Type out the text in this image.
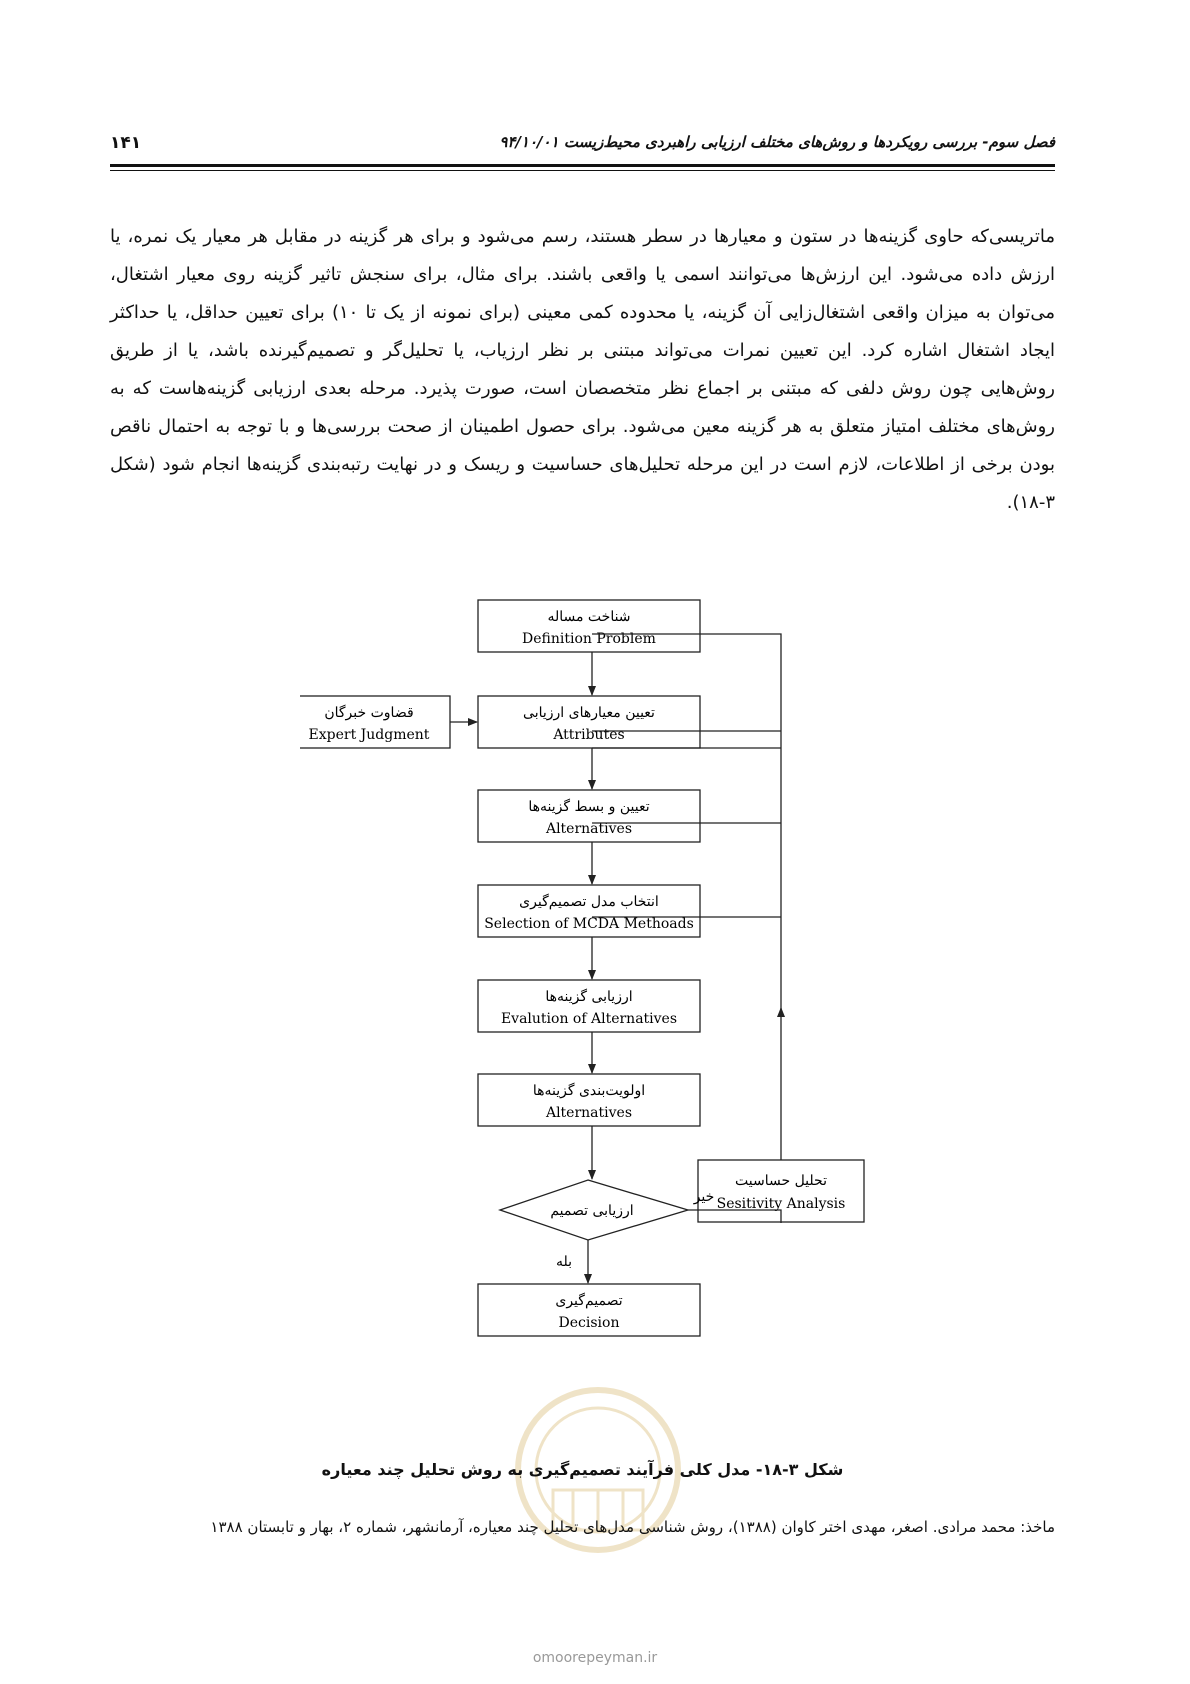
۱۴۱	فصل سوم- بررسی رویکردها و روش‌های مختلف ارزیابی راهبردی محیط‌زیست ۹۴/۱۰/۰۱

ماتریسی‌که حاوی گزینه‌ها در ستون و معیارها در سطر هستند، رسم می‌شود و برای هر گزینه در مقابل هر معیار یک نمره، یا ارزش داده می‌شود. این ارزش‌ها می‌توانند اسمی یا واقعی باشند. برای مثال، برای سنجش تاثیر گزینه روی معیار اشتغال، می‌توان به میزان واقعی اشتغال‌زایی آن گزینه، یا محدوده کمی معینی (برای نمونه از یک تا ۱۰) برای تعیین حداقل، یا حداکثر ایجاد اشتغال اشاره کرد. این تعیین نمرات می‌تواند مبتنی بر نظر ارزیاب، یا تحلیل‌گر و تصمیم‌گیرنده باشد، یا از طریق روش‌هایی چون روش دلفی که مبتنی بر اجماع نظر متخصصان است، صورت پذیرد. مرحله بعدی ارزیابی گزینه‌هاست که به روش‌های مختلف امتیاز متعلق به هر گزینه معین می‌شود. برای حصول اطمینان از صحت بررسی‌ها و با توجه به احتمال ناقص بودن برخی از اطلاعات، لازم است در این مرحله تحلیل‌های حساسیت و ریسک و در نهایت رتبه‌بندی گزینه‌ها انجام شود (شکل ۳-۱۸).

شناخت مساله
Definition Problem
تعیین معیارهای ارزیابی
Attributes
قضاوت خبرگان
Expert Judgment
تعیین و بسط گزینه‌ها
Alternatives
انتخاب مدل تصمیم‌گیری
Selection of MCDA Methoads
ارزیابی گزینه‌ها
Evalution of Alternatives
اولویت‌بندی گزینه‌ها
Alternatives
تحلیل حساسیت
Sesitivity Analysis
ارزیابی تصمیم
تصمیم‌گیری
Decision
خیر
بله
شکل ۳-۱۸- مدل کلی فرآیند تصمیم‌گیری به روش تحلیل چند معیاره
ماخذ: محمد مرادی. اصغر، مهدی اختر کاوان (۱۳۸۸)، روش شناسی مدل‌های تحلیل چند معیاره، آرمانشهر، شماره ۲، بهار و تابستان ۱۳۸۸
omoorepeyman.ir
